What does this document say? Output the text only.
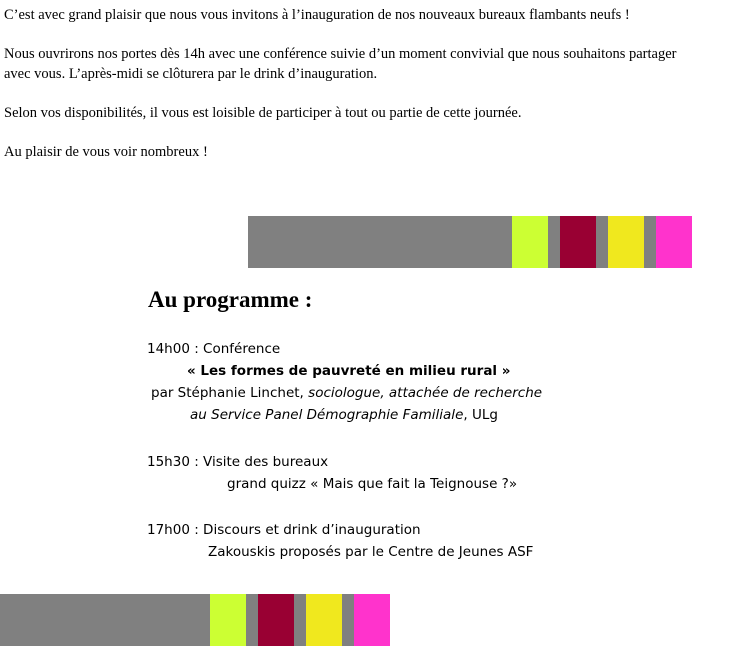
C’est avec grand plaisir que nous vous invitons à l’inauguration de nos nouveaux bureaux flambants neufs !

Nous ouvrirons nos portes dès 14h avec une conférence suivie d’un moment convivial que nous souhaitons partager avec vous. L’après-midi se clôturera par le drink d’inauguration.

Selon vos disponibilités, il vous est loisible de participer à tout ou partie de cette journée.

Au plaisir de vous voir nombreux !

Au programme :
14h00 : Conférence
« Les formes de pauvreté en milieu rural »
par Stéphanie Linchet, sociologue, attachée de recherche
au Service Panel Démographie Familiale, ULg
15h30 : Visite des bureaux
grand quizz « Mais que fait la Teignouse ?»
17h00 : Discours et drink d’inauguration
Zakouskis proposés par le Centre de Jeunes ASF
